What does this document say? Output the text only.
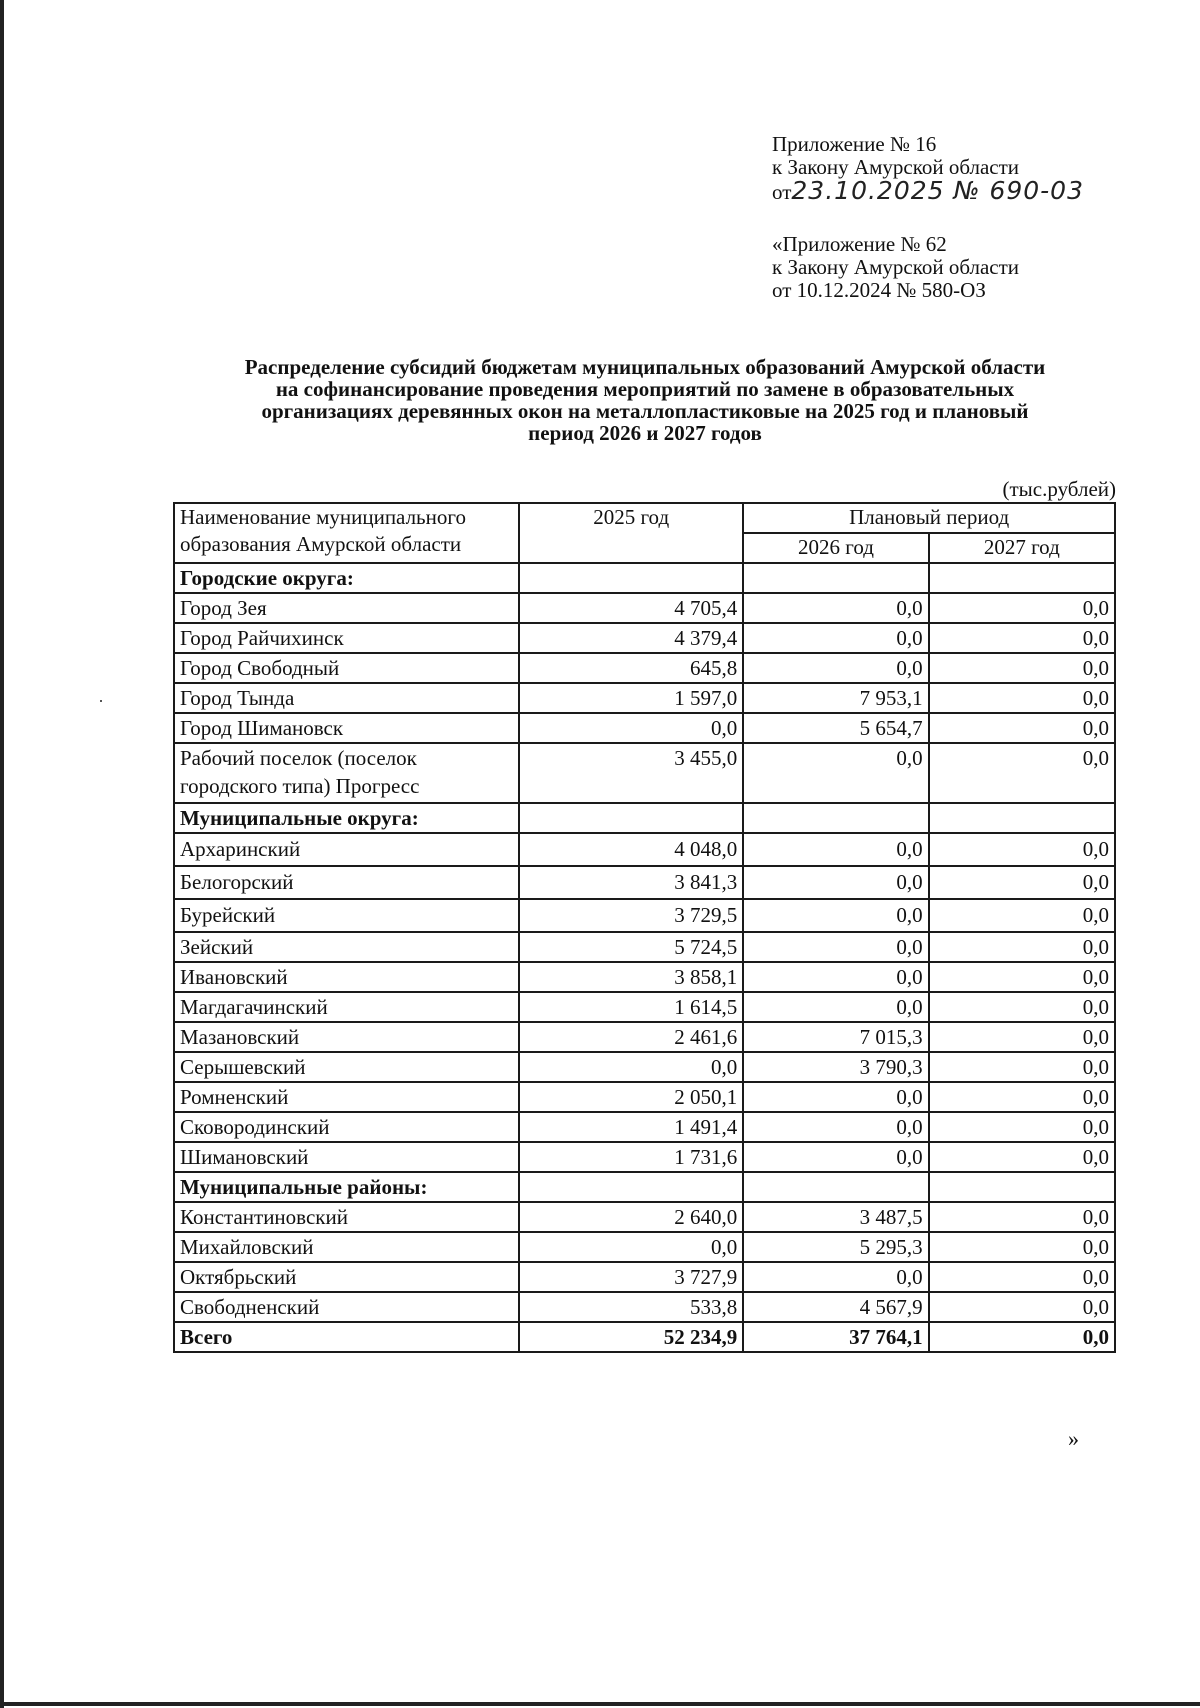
Приложение № 16
к Закону Амурской области
от23.10.2025 № 690-03
«Приложение № 62
к Закону Амурской области
от 10.12.2024 № 580-ОЗ
Распределение субсидий бюджетам муниципальных образований Амурской области
на софинансирование проведения мероприятий по замене в образовательных
организациях деревянных окон на металлопластиковые на 2025 год и плановый
период 2026 и 2027 годов
(тыс.рублей)
Наименование муниципального образования Амурской области	2025 год	Плановый период	
		2026 год	2027 год
Городские округа:			
Город Зея	4 705,4	0,0	0,0
Город Райчихинск	4 379,4	0,0	0,0
Город Свободный	645,8	0,0	0,0
Город Тында	1 597,0	7 953,1	0,0
Город Шимановск	0,0	5 654,7	0,0
Рабочий поселок (поселок городского типа) Прогресс	3 455,0	0,0	0,0
Муниципальные округа:			
Архаринский	4 048,0	0,0	0,0
Белогорский	3 841,3	0,0	0,0
Бурейский	3 729,5	0,0	0,0
Зейский	5 724,5	0,0	0,0
Ивановский	3 858,1	0,0	0,0
Магдагачинский	1 614,5	0,0	0,0
Мазановский	2 461,6	7 015,3	0,0
Серышевский	0,0	3 790,3	0,0
Ромненский	2 050,1	0,0	0,0
Сковородинский	1 491,4	0,0	0,0
Шимановский	1 731,6	0,0	0,0
Муниципальные районы:			
Константиновский	2 640,0	3 487,5	0,0
Михайловский	0,0	5 295,3	0,0
Октябрьский	3 727,9	0,0	0,0
Свободненский	533,8	4 567,9	0,0
Всего	52 234,9	37 764,1	0,0
»
